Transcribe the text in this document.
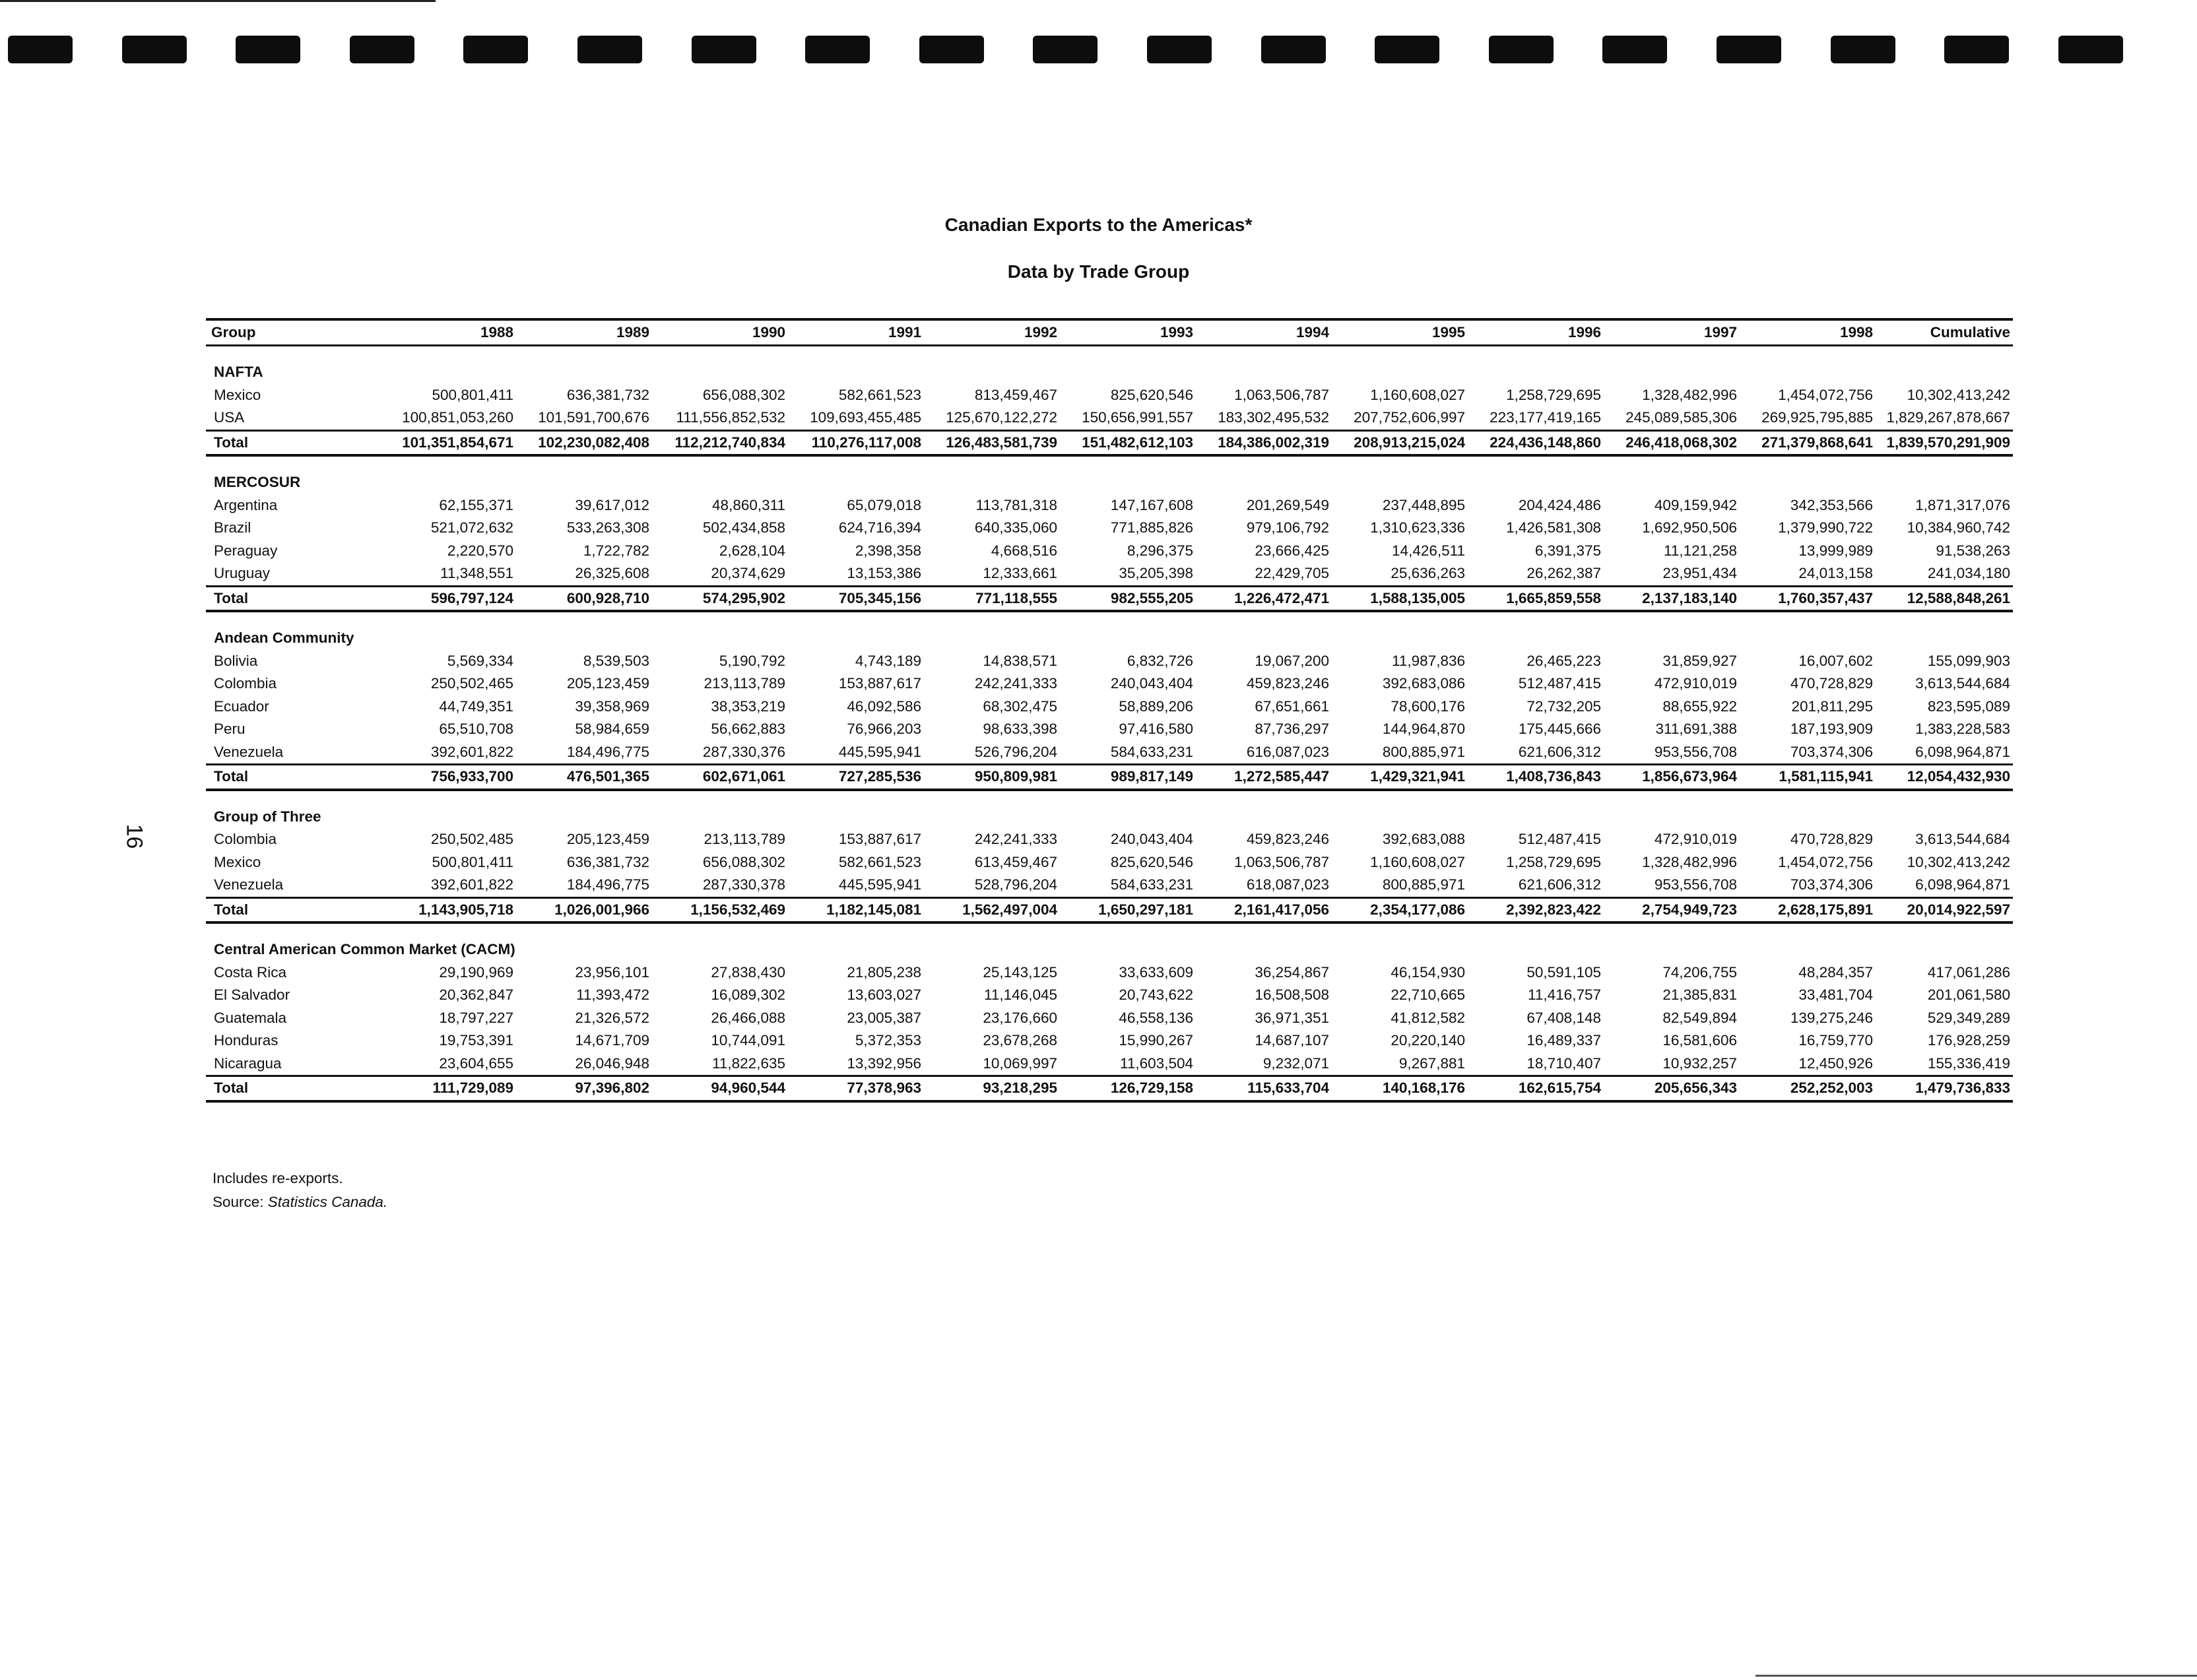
16
Canadian Exports to the Americas*
Data by Trade Group
Group	1988	1989	1990	1991	1992	1993	1994	1995	1996	1997	1998	Cumulative
NAFTA												
Mexico	500,801,411	636,381,732	656,088,302	582,661,523	813,459,467	825,620,546	1,063,506,787	1,160,608,027	1,258,729,695	1,328,482,996	1,454,072,756	10,302,413,242
USA	100,851,053,260	101,591,700,676	111,556,852,532	109,693,455,485	125,670,122,272	150,656,991,557	183,302,495,532	207,752,606,997	223,177,419,165	245,089,585,306	269,925,795,885	1,829,267,878,667
Total	101,351,854,671	102,230,082,408	112,212,740,834	110,276,117,008	126,483,581,739	151,482,612,103	184,386,002,319	208,913,215,024	224,436,148,860	246,418,068,302	271,379,868,641	1,839,570,291,909
MERCOSUR												
Argentina	62,155,371	39,617,012	48,860,311	65,079,018	113,781,318	147,167,608	201,269,549	237,448,895	204,424,486	409,159,942	342,353,566	1,871,317,076
Brazil	521,072,632	533,263,308	502,434,858	624,716,394	640,335,060	771,885,826	979,106,792	1,310,623,336	1,426,581,308	1,692,950,506	1,379,990,722	10,384,960,742
Peraguay	2,220,570	1,722,782	2,628,104	2,398,358	4,668,516	8,296,375	23,666,425	14,426,511	6,391,375	11,121,258	13,999,989	91,538,263
Uruguay	11,348,551	26,325,608	20,374,629	13,153,386	12,333,661	35,205,398	22,429,705	25,636,263	26,262,387	23,951,434	24,013,158	241,034,180
Total	596,797,124	600,928,710	574,295,902	705,345,156	771,118,555	982,555,205	1,226,472,471	1,588,135,005	1,665,859,558	2,137,183,140	1,760,357,437	12,588,848,261
Andean Community												
Bolivia	5,569,334	8,539,503	5,190,792	4,743,189	14,838,571	6,832,726	19,067,200	11,987,836	26,465,223	31,859,927	16,007,602	155,099,903
Colombia	250,502,465	205,123,459	213,113,789	153,887,617	242,241,333	240,043,404	459,823,246	392,683,086	512,487,415	472,910,019	470,728,829	3,613,544,684
Ecuador	44,749,351	39,358,969	38,353,219	46,092,586	68,302,475	58,889,206	67,651,661	78,600,176	72,732,205	88,655,922	201,811,295	823,595,089
Peru	65,510,708	58,984,659	56,662,883	76,966,203	98,633,398	97,416,580	87,736,297	144,964,870	175,445,666	311,691,388	187,193,909	1,383,228,583
Venezuela	392,601,822	184,496,775	287,330,376	445,595,941	526,796,204	584,633,231	616,087,023	800,885,971	621,606,312	953,556,708	703,374,306	6,098,964,871
Total	756,933,700	476,501,365	602,671,061	727,285,536	950,809,981	989,817,149	1,272,585,447	1,429,321,941	1,408,736,843	1,856,673,964	1,581,115,941	12,054,432,930
Group of Three												
Colombia	250,502,485	205,123,459	213,113,789	153,887,617	242,241,333	240,043,404	459,823,246	392,683,088	512,487,415	472,910,019	470,728,829	3,613,544,684
Mexico	500,801,411	636,381,732	656,088,302	582,661,523	613,459,467	825,620,546	1,063,506,787	1,160,608,027	1,258,729,695	1,328,482,996	1,454,072,756	10,302,413,242
Venezuela	392,601,822	184,496,775	287,330,378	445,595,941	528,796,204	584,633,231	618,087,023	800,885,971	621,606,312	953,556,708	703,374,306	6,098,964,871
Total	1,143,905,718	1,026,001,966	1,156,532,469	1,182,145,081	1,562,497,004	1,650,297,181	2,161,417,056	2,354,177,086	2,392,823,422	2,754,949,723	2,628,175,891	20,014,922,597
Central American Common Market (CACM)												
Costa Rica	29,190,969	23,956,101	27,838,430	21,805,238	25,143,125	33,633,609	36,254,867	46,154,930	50,591,105	74,206,755	48,284,357	417,061,286
El Salvador	20,362,847	11,393,472	16,089,302	13,603,027	11,146,045	20,743,622	16,508,508	22,710,665	11,416,757	21,385,831	33,481,704	201,061,580
Guatemala	18,797,227	21,326,572	26,466,088	23,005,387	23,176,660	46,558,136	36,971,351	41,812,582	67,408,148	82,549,894	139,275,246	529,349,289
Honduras	19,753,391	14,671,709	10,744,091	5,372,353	23,678,268	15,990,267	14,687,107	20,220,140	16,489,337	16,581,606	16,759,770	176,928,259
Nicaragua	23,604,655	26,046,948	11,822,635	13,392,956	10,069,997	11,603,504	9,232,071	9,267,881	18,710,407	10,932,257	12,450,926	155,336,419
Total	111,729,089	97,396,802	94,960,544	77,378,963	93,218,295	126,729,158	115,633,704	140,168,176	162,615,754	205,656,343	252,252,003	1,479,736,833
Includes re-exports.
Source: Statistics Canada.
